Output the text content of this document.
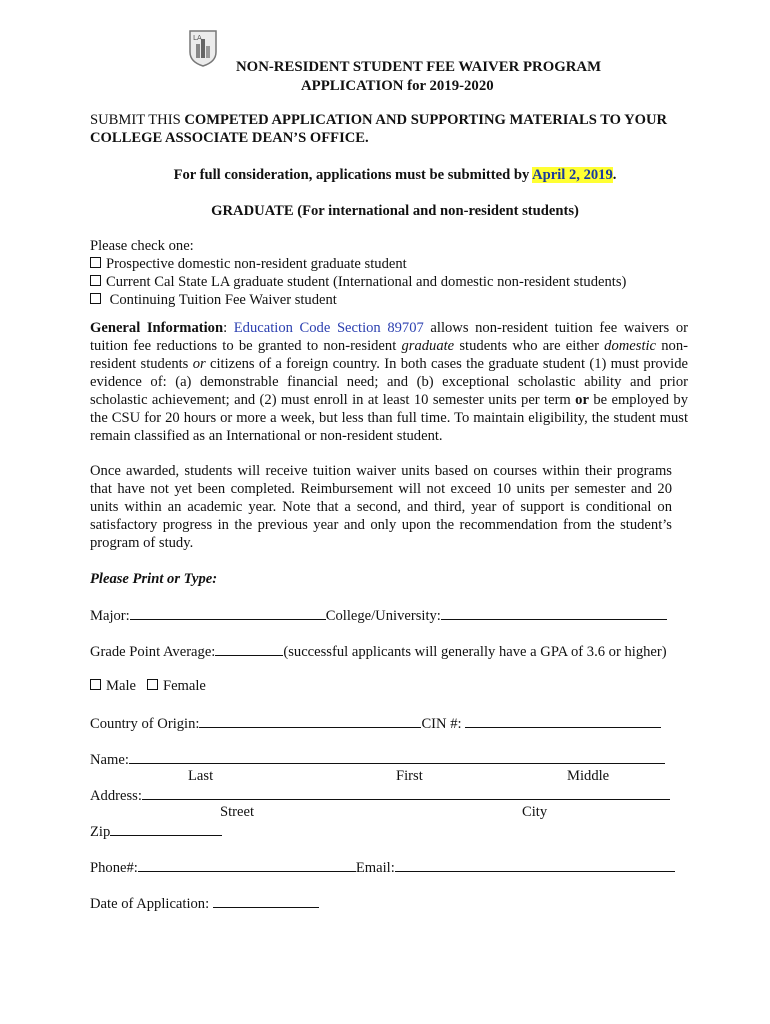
LA
NON-RESIDENT STUDENT FEE WAIVER PROGRAM
APPLICATION for 2019-2020
SUBMIT THIS COMPETED APPLICATION AND SUPPORTING MATERIALS TO YOUR
COLLEGE ASSOCIATE DEAN’S OFFICE.
For full consideration, applications must be submitted by April 2, 2019.
GRADUATE (For international and non-resident students)
Please check one:
Prospective domestic non-resident graduate student
Current Cal State LA graduate student (International and domestic non-resident students)
Continuing Tuition Fee Waiver student
General Information: Education Code Section 89707 allows non-resident tuition fee waivers or tuition fee reductions to be granted to non-resident graduate students who are either domestic non-resident students or citizens of a foreign country. In both cases the graduate student (1) must provide evidence of: (a) demonstrable financial need; and (b) exceptional scholastic ability and prior scholastic achievement; and (2) must enroll in at least 10 semester units per term or be employed by the CSU for 20 hours or more a week, but less than full time. To maintain eligibility, the student must remain classified as an International or non-resident student.
Once awarded, students will receive tuition waiver units based on courses within their programs that have not yet been completed. Reimbursement will not exceed 10 units per semester and 20 units within an academic year. Note that a second, and third, year of support is conditional on satisfactory progress in the previous year and only upon the recommendation from the student’s program of study.
Please Print or Type:
Major:	College/University:
Grade Point Average:	(successful applicants will generally have a GPA of 3.6 or higher)
Male Female
Country of Origin:	CIN #:
Name:
Last	First	Middle
Address:
Street	City
Zip
Phone#:	Email:
Date of Application:
